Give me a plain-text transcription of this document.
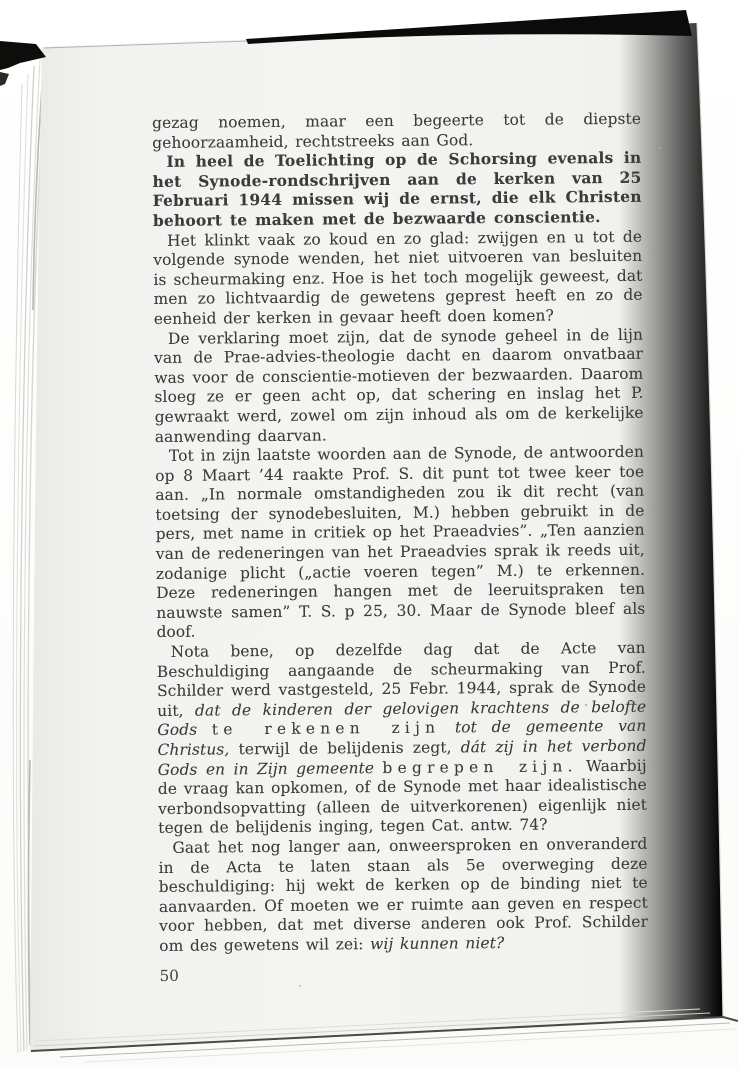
gezag noemen, maar een begeerte tot de diepste gehoorzaamheid, rechtstreeks aan God.

In heel de Toelichting op de Schorsing evenals in het Synode-rondschrijven aan de kerken van 25 Februari 1944 missen wij de ernst, die elk Christen behoort te maken met de bezwaarde conscientie.

Het klinkt vaak zo koud en zo glad: zwijgen en u tot de volgende synode wenden, het niet uitvoeren van besluiten is scheurmaking enz. Hoe is het toch mogelijk geweest, dat men zo lichtvaardig de gewetens geprest heeft en zo de eenheid der kerken in gevaar heeft doen komen?

De verklaring moet zijn, dat de synode geheel in de lijn van de Prae-advies-theologie dacht en daarom onvatbaar was voor de conscientie-motieven der bezwaarden. Daarom sloeg ze er geen acht op, dat schering en inslag het P. gewraakt werd, zowel om zijn inhoud als om de kerkelijke aanwending daarvan.

Tot in zijn laatste woorden aan de Synode, de antwoorden op 8 Maart ’44 raakte Prof. S. dit punt tot twee keer toe aan. „In normale omstandigheden zou ik dit recht (van toetsing der synodebesluiten, M.) hebben gebruikt in de pers, met name in critiek op het Praeadvies”. „Ten aanzien van de redeneringen van het Praeadvies sprak ik reeds uit, zodanige plicht („actie voeren tegen” M.) te erkennen. Deze redeneringen hangen met de leeruitspraken ten nauwste samen” T. S. p 25, 30. Maar de Synode bleef als doof.

Nota bene, op dezelfde dag dat de Acte van Beschuldiging aangaande de scheurmaking van Prof. Schilder werd vastgesteld, 25 Febr. 1944, sprak de Synode uit, dat de kinderen der gelovigen krachtens de belofte Gods te rekenen zijn tot de gemeente van Christus, terwijl de belijdenis zegt, dát zij in het verbond Gods en in Zijn gemeente begrepen zijn. Waarbij de vraag kan opkomen, of de Synode met haar idealistische verbondsopvatting (alleen de uitverkorenen) eigenlijk niet tegen de belijdenis inging, tegen Cat. antw. 74?

Gaat het nog langer aan, onweersproken en onveranderd in de Acta te laten staan als 5e overweging deze beschuldiging: hij wekt de kerken op de binding niet te aanvaarden. Of moeten we er ruimte aan geven en respect voor hebben, dat met diverse anderen ook Prof. Schilder om des gewetens wil zei: wij kunnen niet?

50
